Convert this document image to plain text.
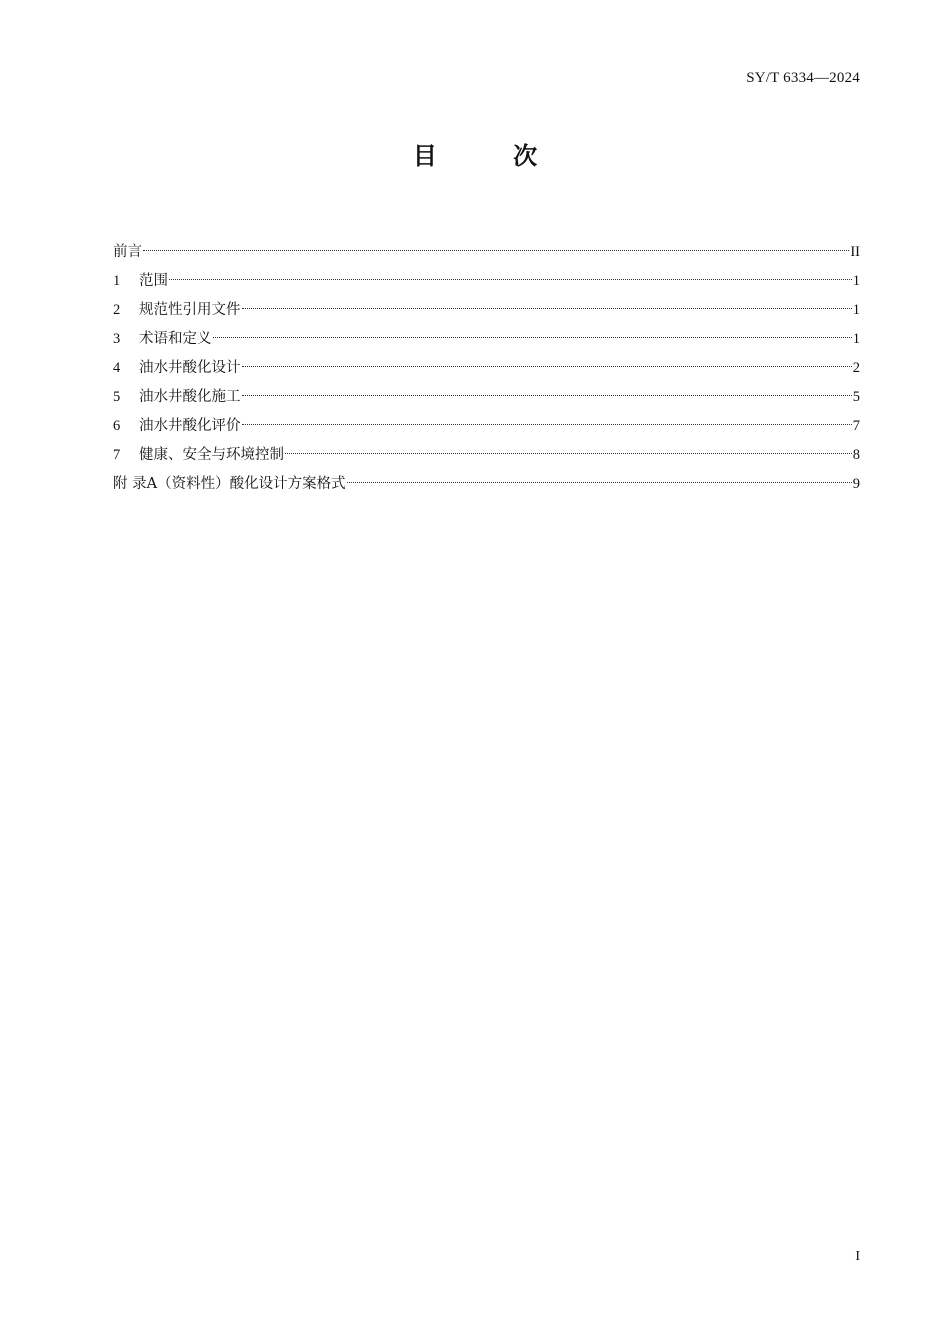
SY/T 6334—2024
目 次
前言	II
1	范围	1
2	规范性引用文件	1
3	术语和定义	1
4	油水井酸化设计	2
5	油水井酸化施工	5
6	油水井酸化评价	7
7	健康、安全与环境控制	8
附 录A（资料性）酸化设计方案格式	9
I
